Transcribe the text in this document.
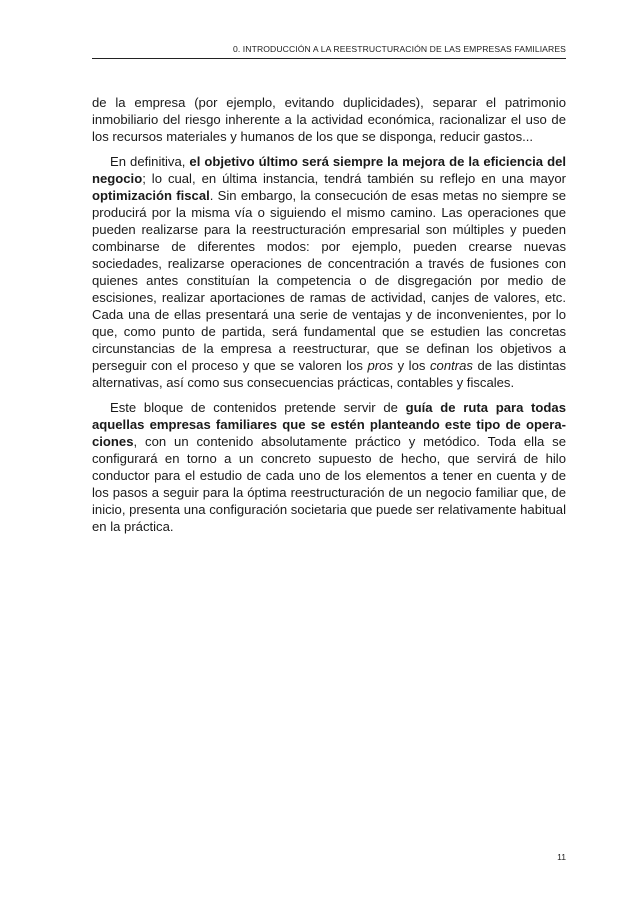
0. INTRODUCCIÓN A LA REESTRUCTURACIÓN DE LAS EMPRESAS FAMILIARES

de la empresa (por ejemplo, evitando duplicidades), separar el patrimonio inmobiliario del riesgo inherente a la actividad económica, racionalizar el uso de los recursos materiales y humanos de los que se disponga, reducir gastos...

En definitiva, el objetivo último será siempre la mejora de la eficiencia del negocio; lo cual, en última instancia, tendrá también su reflejo en una mayor optimización fiscal. Sin embargo, la consecución de esas metas no siempre se producirá por la misma vía o siguiendo el mismo camino. Las operaciones que pueden realizarse para la reestructuración empresarial son múltiples y pueden combinarse de diferentes modos: por ejemplo, pueden crearse nuevas sociedades, realizarse operaciones de concentración a través de fusiones con quienes antes constituían la competencia o de disgregación por medio de escisiones, realizar aportaciones de ramas de actividad, canjes de valores, etc. Cada una de ellas presentará una serie de ventajas y de inconvenientes, por lo que, como punto de partida, será fundamental que se estudien las concretas circunstancias de la empresa a reestructurar, que se definan los objetivos a perseguir con el proceso y que se valoren los pros y los contras de las distintas alternativas, así como sus consecuencias prácticas, contables y fiscales.

Este bloque de contenidos pretende servir de guía de ruta para todas aquellas empresas familiares que se estén planteando este tipo de operaciones, con un contenido absolutamente práctico y metódico. Toda ella se configurará en torno a un concreto supuesto de hecho, que servirá de hilo conductor para el estudio de cada uno de los elementos a tener en cuenta y de los pasos a seguir para la óptima reestructuración de un negocio familiar que, de inicio, presenta una configuración societaria que puede ser relativamente habitual en la práctica.

11
